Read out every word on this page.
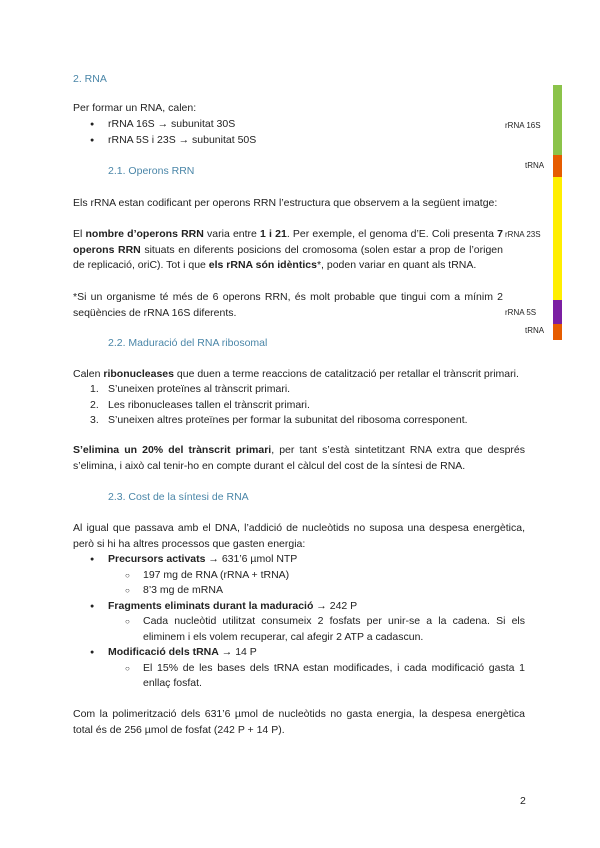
2. RNA
Per formar un RNA, calen:
● rRNA 16S → subunitat 30S
● rRNA 5S i 23S → subunitat 50S
2.1. Operons RRN
Els rRNA estan codificant per operons RRN l’estructura que observem a la següent imatge:
El nombre d’operons RRN varia entre 1 i 21. Per exemple, el genoma d’E. Coli presenta 7 operons RRN situats en diferents posicions del cromosoma (solen estar a prop de l’origen de replicació, oriC). Tot i que els rRNA són idèntics*, poden variar en quant als tRNA.
*Si un organisme té més de 6 operons RRN, és molt probable que tingui com a mínim 2 seqüències de rRNA 16S diferents.
rRNA 16S
tRNA
rRNA 23S
rRNA 5S
tRNA
2.2. Maduració del RNA ribosomal
Calen ribonucleases que duen a terme reaccions de catalització per retallar el trànscrit primari.
1. S’uneixen proteïnes al trànscrit primari.
2. Les ribonucleases tallen el trànscrit primari.
3. S’uneixen altres proteïnes per formar la subunitat del ribosoma corresponent.
S’elimina un 20% del trànscrit primari, per tant s’està sintetitzant RNA extra que després s’elimina, i això cal tenir-ho en compte durant el càlcul del cost de la síntesi de RNA.
2.3. Cost de la síntesi de RNA
Al igual que passava amb el DNA, l’addició de nucleòtids no suposa una despesa energètica, però si hi ha altres processos que gasten energia:
● Precursors activats → 631’6 µmol NTP
○ 197 mg de RNA (rRNA + tRNA)
○ 8’3 mg de mRNA
● Fragments eliminats durant la maduració → 242 P
○ Cada nucleòtid utilitzat consumeix 2 fosfats per unir-se a la cadena. Si els eliminem i els volem recuperar, cal afegir 2 ATP a cadascun.
● Modificació dels tRNA → 14 P
○ El 15% de les bases dels tRNA estan modificades, i cada modificació gasta 1 enllaç fosfat.
Com la polimerització dels 631’6 µmol de nucleòtids no gasta energia, la despesa energètica total és de 256 µmol de fosfat (242 P + 14 P).
2
